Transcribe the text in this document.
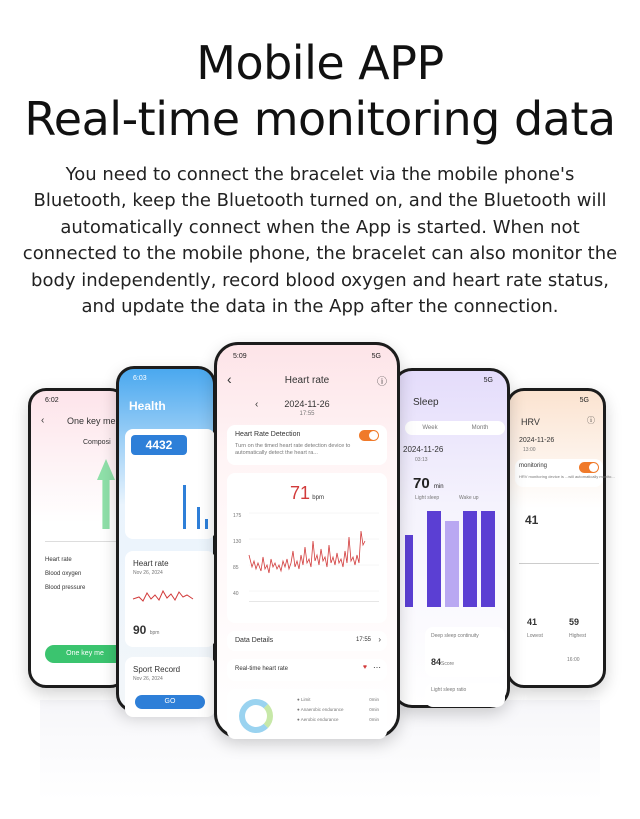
Mobile APP
Real-time monitoring data
You need to connect the bracelet via the mobile phone's Bluetooth, keep the Bluetooth turned on, and the Bluetooth will automatically connect when the App is started. When not connected to the mobile phone, the bracelet can also monitor the body independently, record blood oxygen and heart rate status, and update the data in the App after the connection.
6:02
‹	One key me
Composi
Heart rate
Blood oxygen
Blood pressure
One key me
6:03
Health
4432
Heart rate
Nov 26, 2024
90 bpm
Sport Record
Nov 26, 2024
GO
5G
HRV	ⓘ
2024-11-26
13:00
monitoring
HRV monitoring device is ...will automatically monito...
41
41	59
Lowest	Highest
16:00
5G
Sleep
Week	Month
2024-11-26
03:13
70 min
Light sleep	Wake up
Deep sleep continuity
84Score
Light sleep ratio
5:09	5G
‹	Heart rate	ⓘ
‹	2024-11-26
17:55
Heart Rate Detection
Turn on the timed heart rate detection device to automatically detect the heart ra...
71 bpm
175
130
85
40
Data Details	17:55 ›
Real-time heart rate	♥ ⋯
● Limit
● Anaerobic endurance
● Aerobic endurance
0min
0min
0min
